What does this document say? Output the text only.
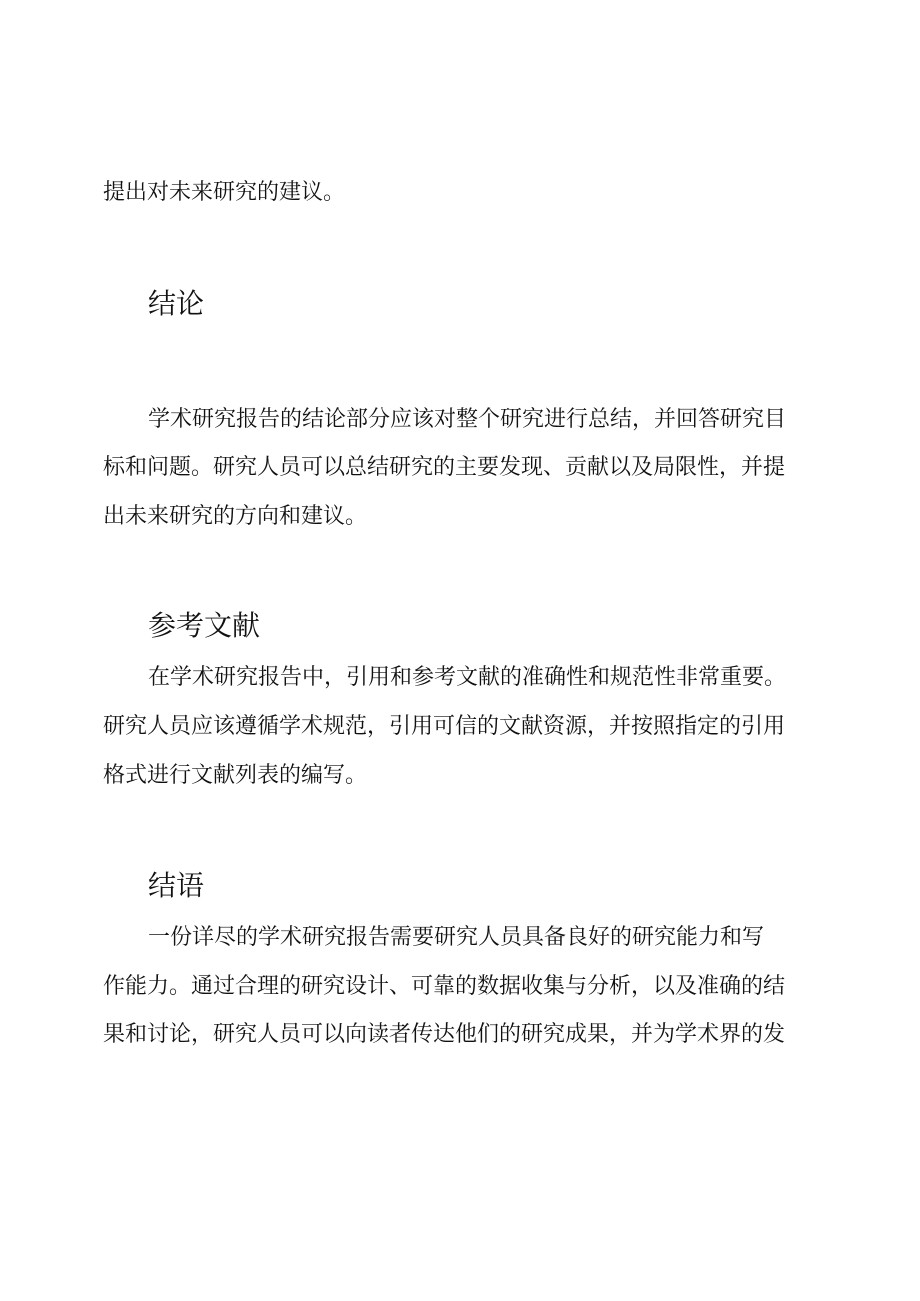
提出对未来研究的建议。

结论

学术研究报告的结论部分应该对整个研究进行总结，并回答研究目

标和问题。研究人员可以总结研究的主要发现、贡献以及局限性，并提

出未来研究的方向和建议。

参考文献

在学术研究报告中，引用和参考文献的准确性和规范性非常重要。

研究人员应该遵循学术规范，引用可信的文献资源，并按照指定的引用

格式进行文献列表的编写。

结语

一份详尽的学术研究报告需要研究人员具备良好的研究能力和写

作能力。通过合理的研究设计、可靠的数据收集与分析，以及准确的结

果和讨论，研究人员可以向读者传达他们的研究成果，并为学术界的发
